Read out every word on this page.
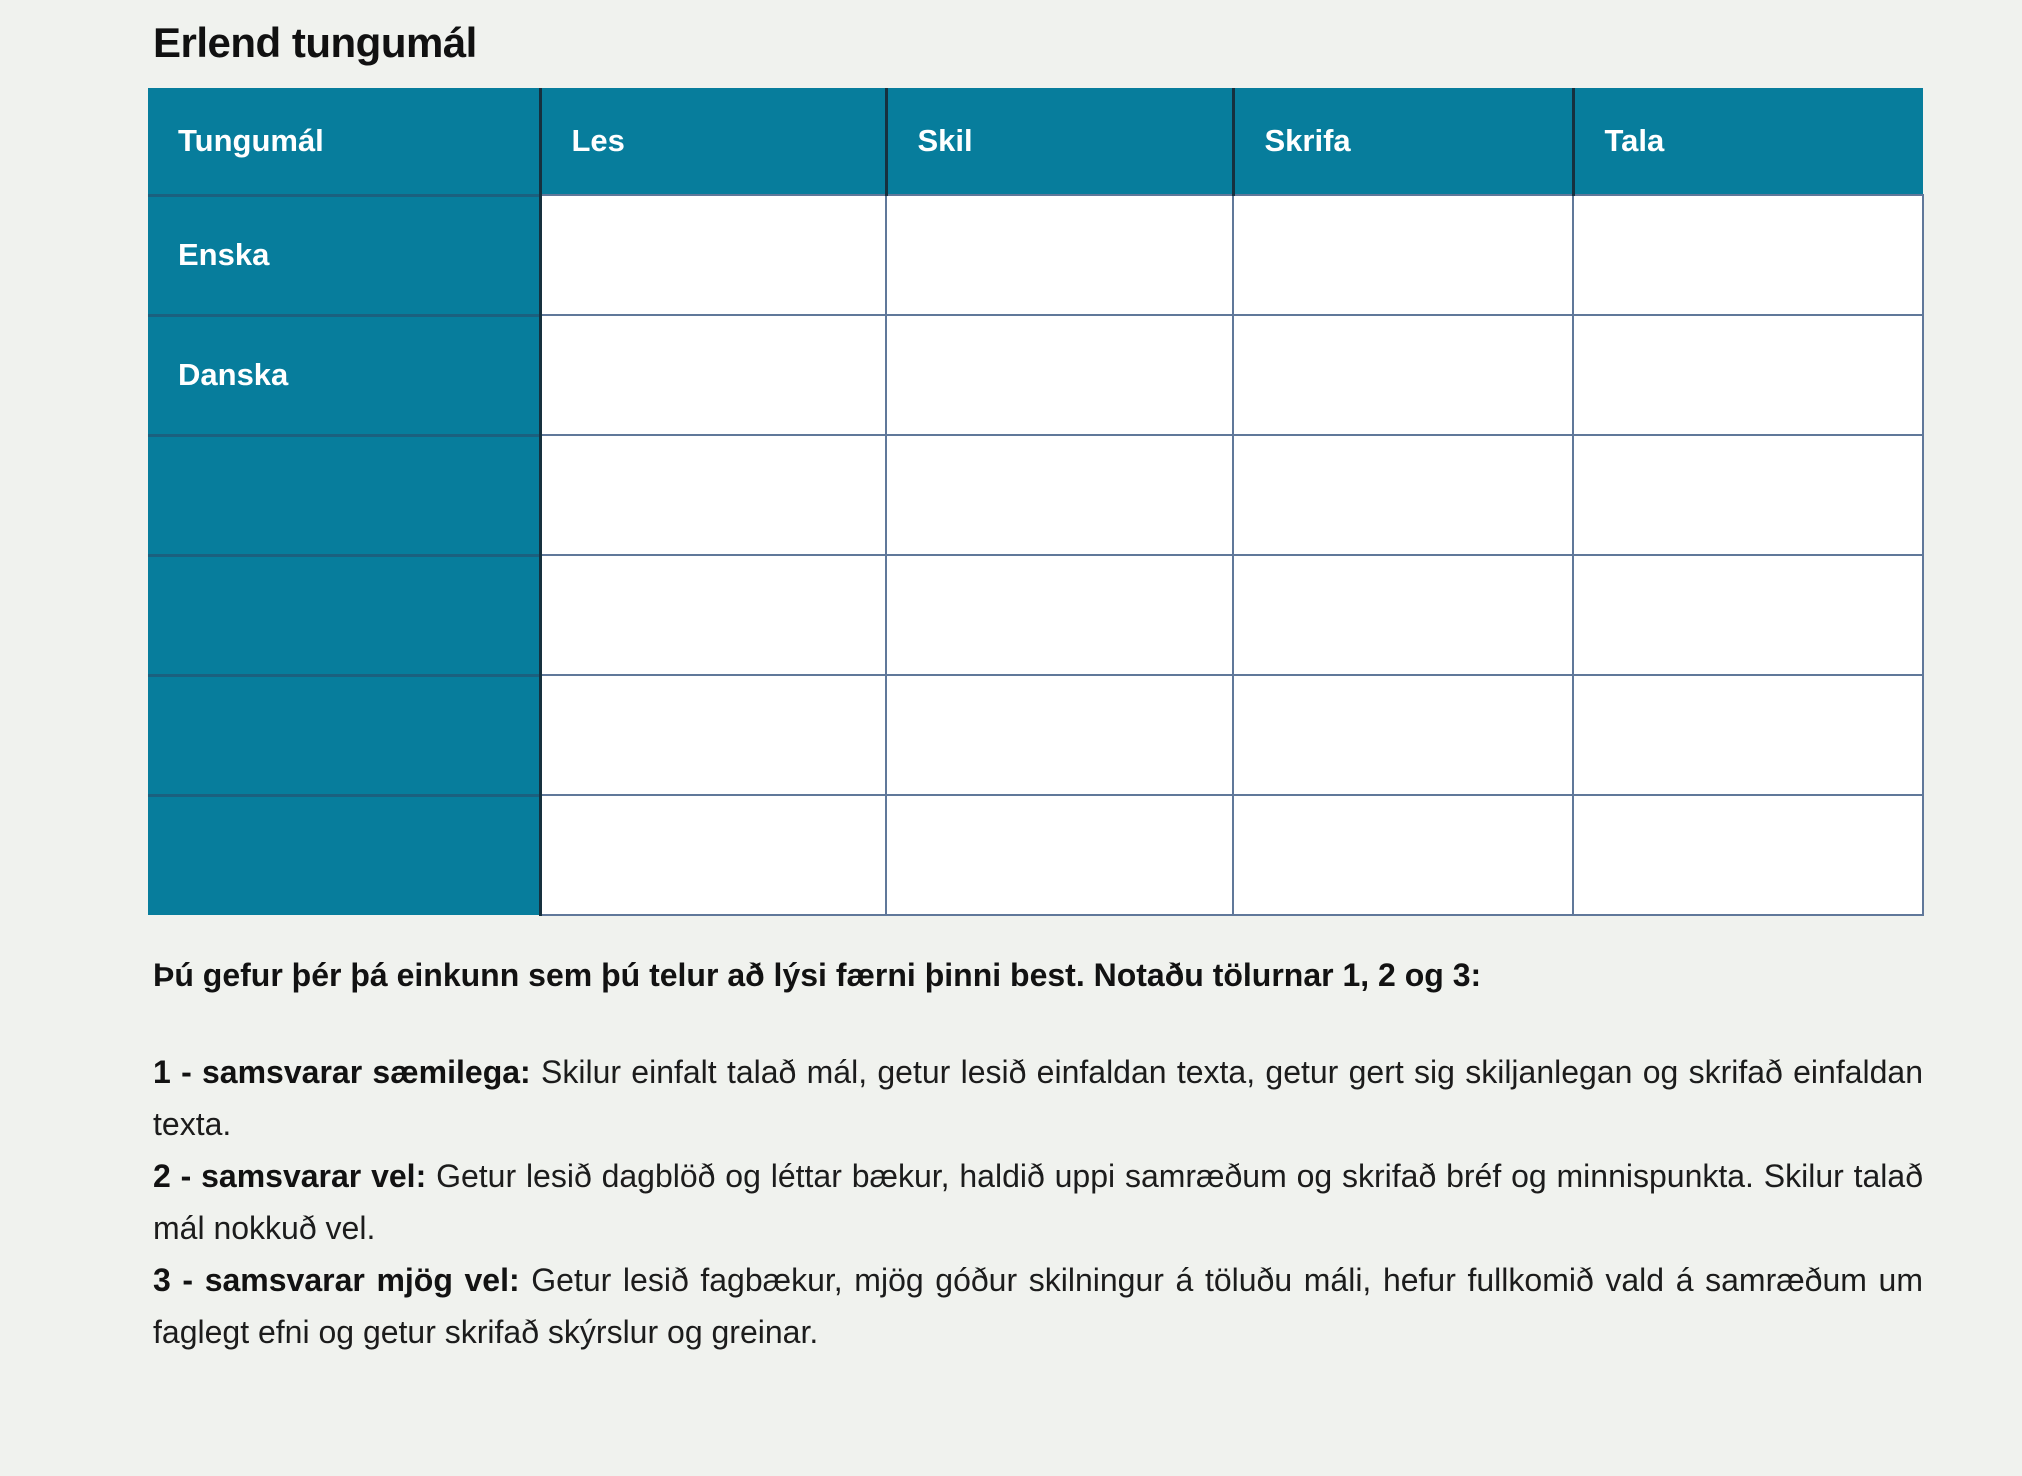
Erlend tungumál
Tungumál	Les	Skil	Skrifa	Tala
Enska				
Danska				

Þú gefur þér þá einkunn sem þú telur að lýsi færni þinni best. Notaðu tölurnar 1, 2 og 3:

1 - samsvarar sæmilega: Skilur einfalt talað mál, getur lesið einfaldan texta, getur gert sig skiljanlegan og skrifað einfaldan texta.

2 - samsvarar vel: Getur lesið dagblöð og léttar bækur, haldið uppi samræðum og skrifað bréf og minnispunkta. Skilur talað mál nokkuð vel.

3 - samsvarar mjög vel: Getur lesið fagbækur, mjög góður skilningur á töluðu máli, hefur fullkomið vald á samræðum um faglegt efni og getur skrifað skýrslur og greinar.
